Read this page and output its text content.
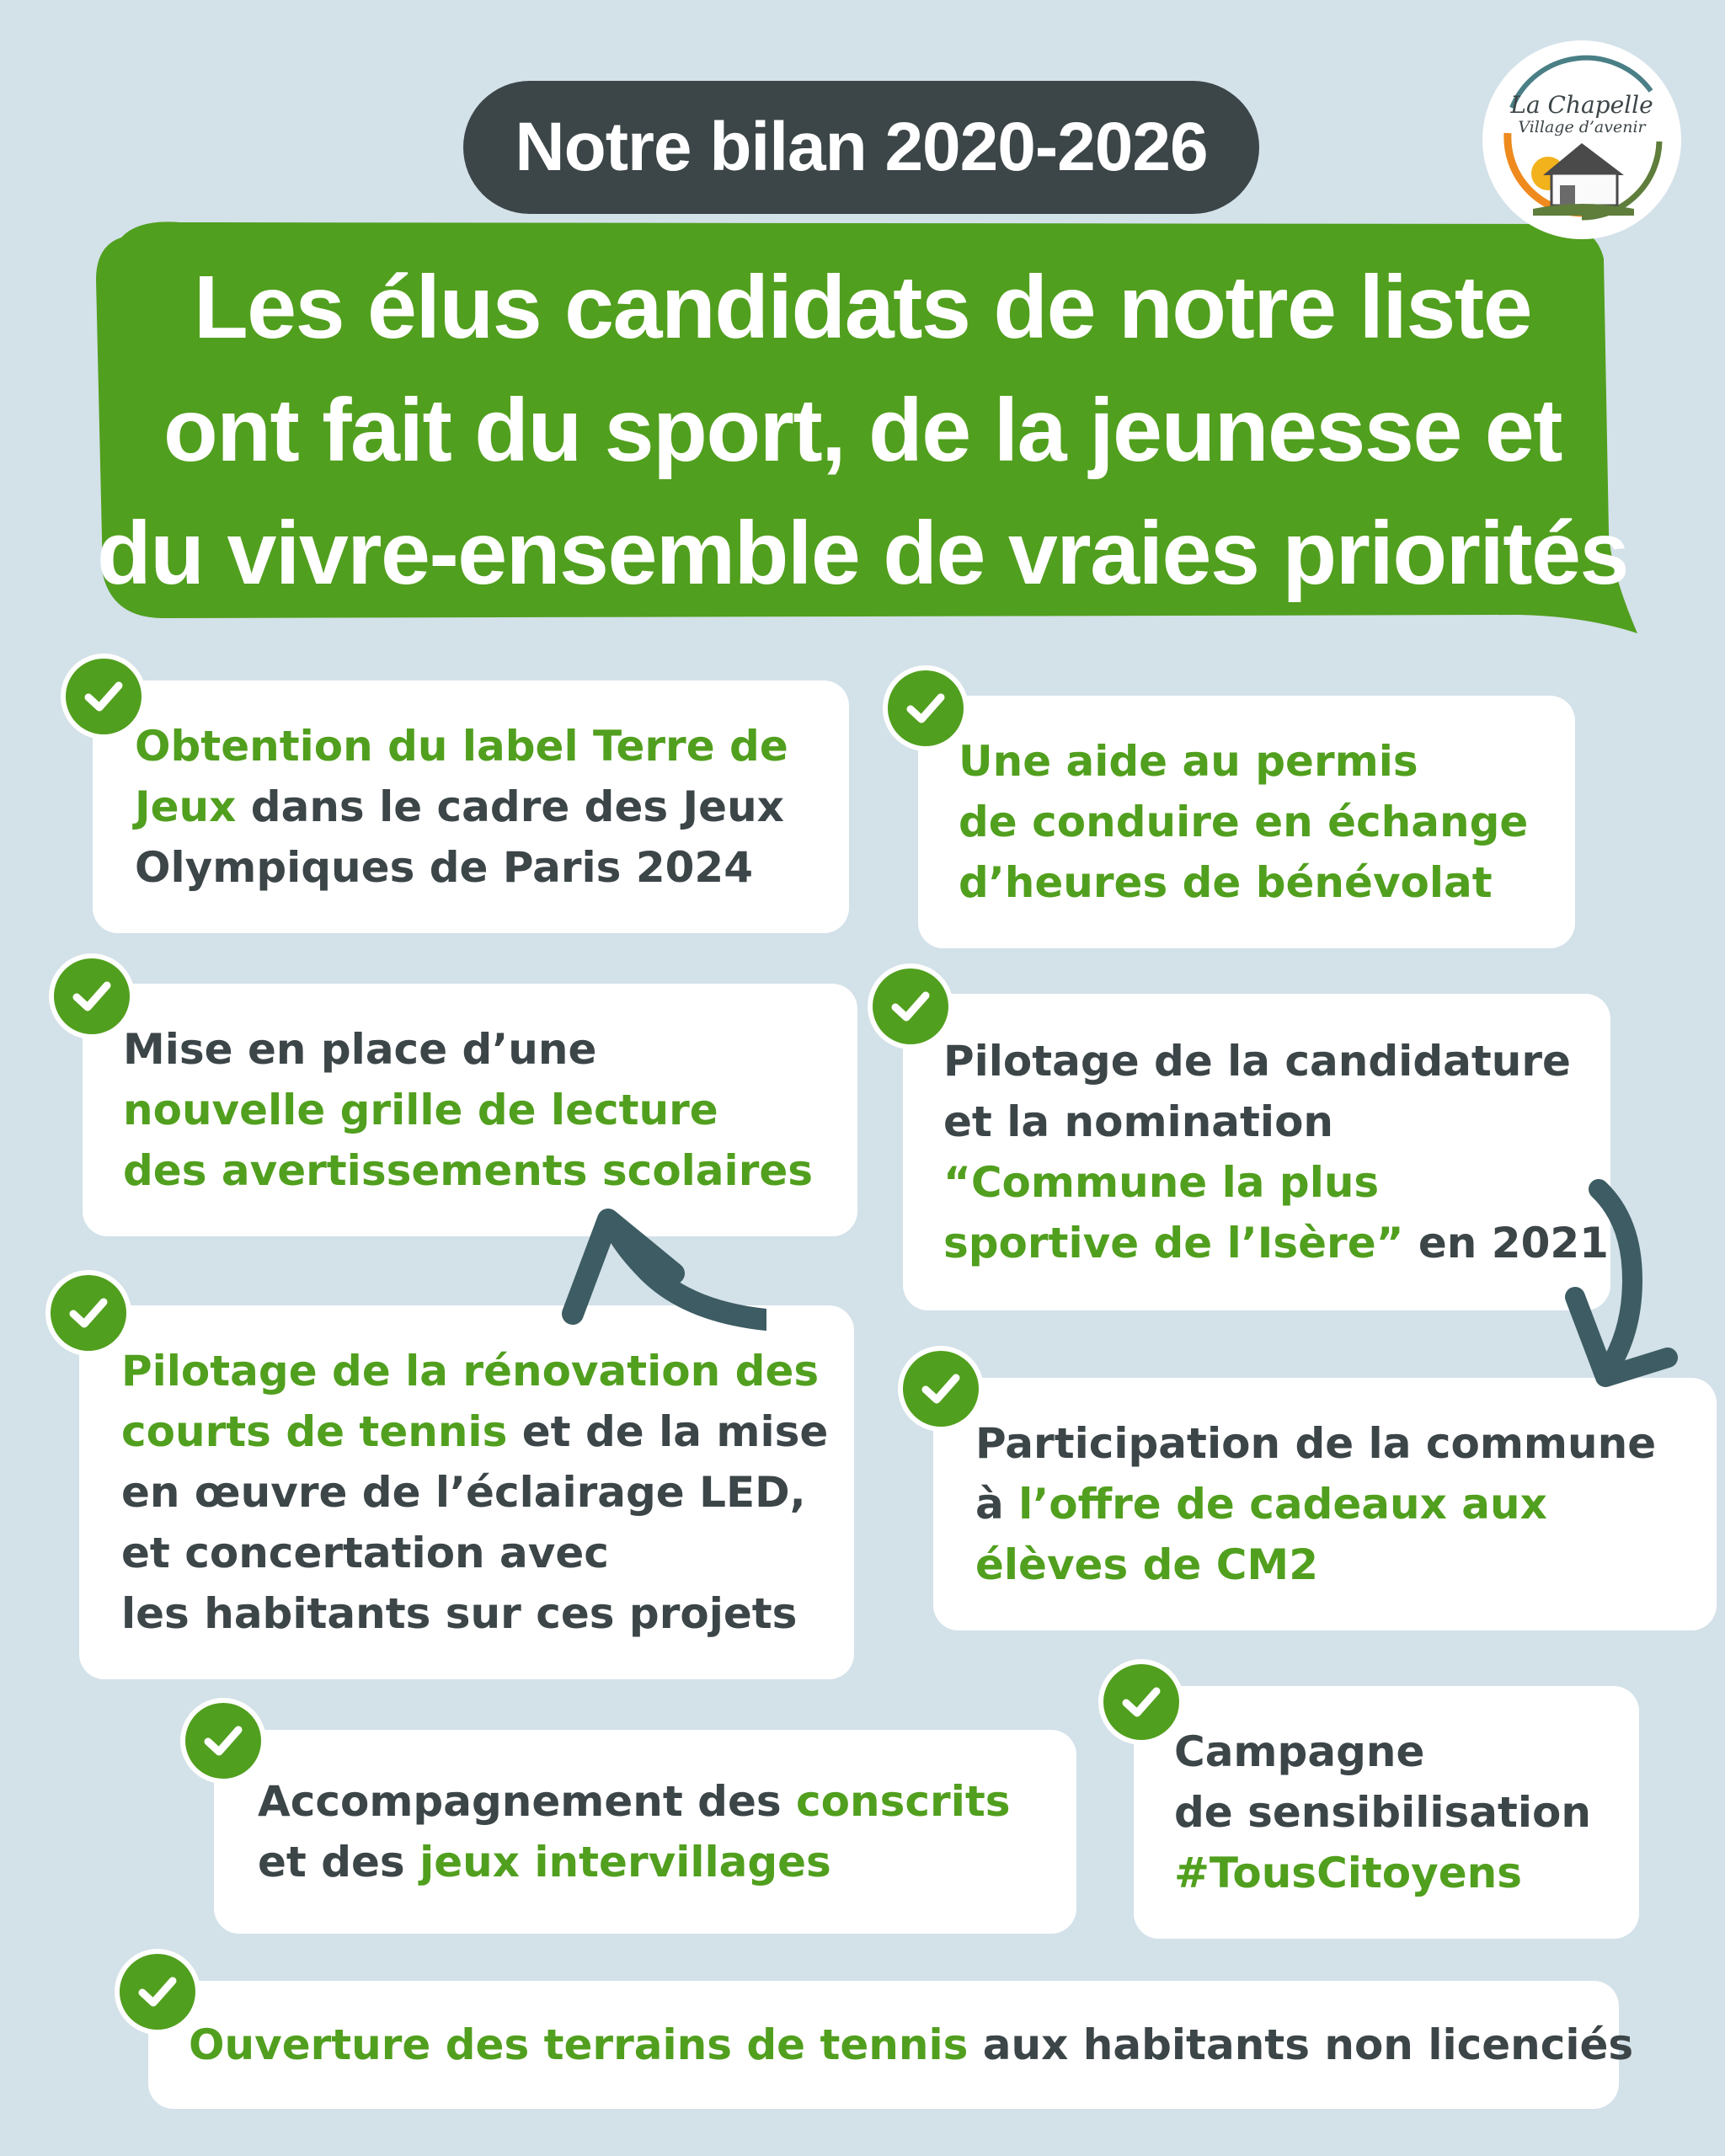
Notre bilan 2020-2026
Les élus candidats de notre liste
ont fait du sport, de la jeunesse et
du vivre-ensemble de vraies priorités
La Chapelle
Village d’avenir
Obtention du label Terre de
Jeux dans le cadre des Jeux
Olympiques de Paris 2024
Une aide au permis
de conduire en échange
d’heures de bénévolat
Mise en place d’une
nouvelle grille de lecture
des avertissements scolaires
Pilotage de la candidature
et la nomination
“Commune la plus
sportive de l’Isère” en 2021
Pilotage de la rénovation des
courts de tennis et de la mise
en œuvre de l’éclairage LED,
et concertation avec
les habitants sur ces projets
Participation de la commune
à l’offre de cadeaux aux
élèves de CM2
Accompagnement des conscrits
et des jeux intervillages
Campagne
de sensibilisation
#TousCitoyens
Ouverture des terrains de tennis aux habitants non licenciés
